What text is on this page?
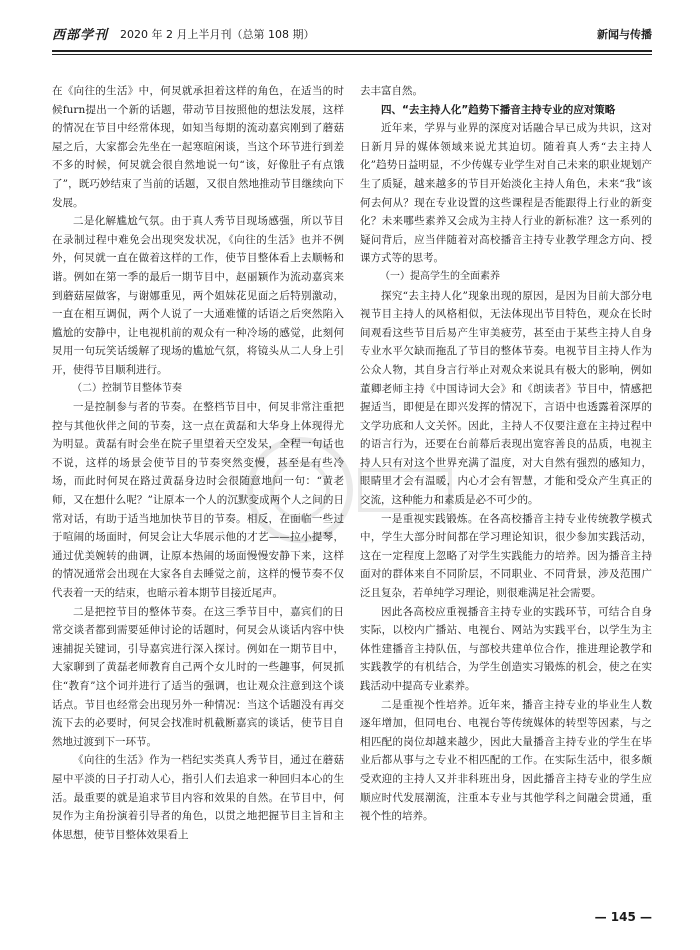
西部学刊 2020 年 2 月上半月刊（总第 108 期）	新闻与传播

在《向往的生活》中，何炅就承担着这样的角色，在适当的时候furn提出一个新的话题，带动节目按照他的想法发展，这样的情况在节目中经常体现，如知当每期的流动嘉宾刚到了蘑菇屋之后，大家都会先坐在一起寒暄闲谈，当这个环节进行到差不多的时候，何炅就会很自然地说一句“该，好像肚子有点饿了”，既巧妙结束了当前的话题，又很自然地推动节目继续向下发展。

二是化解尴尬气氛。由于真人秀节目现场感强，所以节目在录制过程中难免会出现突发状况，《向往的生活》也并不例外，何炅就一直在做着这样的工作，使节目整体看上去顺畅和谐。例如在第一季的最后一期节目中，赵丽颖作为流动嘉宾来到蘑菇屋做客，与谢娜重见，两个姐妹花见面之后特别激动，一直在相互调侃，两个人说了一大通难懂的话语之后突然陷入尴尬的安静中，让电视机前的观众有一种冷场的感觉，此刻何炅用一句玩笑话缓解了现场的尴尬气氛，将镜头从二人身上引开，使得节目顺利进行。

（二）控制节目整体节奏

一是控制参与者的节奏。在整档节目中，何炅非常注重把控与其他伙伴之间的节奏，这一点在黄磊和大华身上体现得尤为明显。黄磊有时会坐在院子里望着天空发呆，全程一句话也不说，这样的场景会使节目的节奏突然变慢，甚至是有些冷场，而此时何炅在路过黄磊身边时会很随意地问一句：“黄老师，又在想什么呢？”让原本一个人的沉默变成两个人之间的日常对话，有助于适当地加快节目的节奏。相反，在面临一些过于喧闹的场面时，何炅会让大华展示他的才艺——拉小提琴，通过优美婉转的曲调，让原本热闹的场面慢慢安静下来，这样的情况通常会出现在大家各自去睡觉之前，这样的慢节奏不仅代表着一天的结束，也暗示着本期节目接近尾声。

二是把控节目的整体节奏。在这三季节目中，嘉宾们的日常交谈者都到需要延伸讨论的话题时，何炅会从谈话内容中快速捕捉关键词，引导嘉宾进行深入探讨。例如在一期节目中，大家聊到了黄磊老师教育自己两个女儿时的一些趣事，何炅抓住“教育”这个词并进行了适当的强调，也让观众注意到这个谈话点。节目也经常会出现另外一种情况：当这个话题没有再交流下去的必要时，何炅会找准时机截断嘉宾的谈话，使节目自然地过渡到下一环节。

《向往的生活》作为一档纪实类真人秀节目，通过在蘑菇屋中平淡的日子打动人心，指引人们去追求一种回归本心的生活。最重要的就是追求节目内容和效果的自然。在节目中，何炅作为主角扮演着引导者的角色，以贯之地把握节目主旨和主体思想，使节目整体效果看上

去丰富自然。

四、“去主持人化”趋势下播音主持专业的应对策略

近年来，学界与业界的深度对话融合早已成为共识，这对日新月异的媒体领域来说尤其迫切。随着真人秀“去主持人化”趋势日益明显，不少传媒专业学生对自己未来的职业规划产生了质疑，越来越多的节目开始淡化主持人角色，未来“我”该何去何从？现在专业设置的这些课程是否能跟得上行业的新变化？未来哪些素养又会成为主持人行业的新标准？这一系列的疑问背后，应当伴随着对高校播音主持专业教学理念方向、授课方式等的思考。

（一）提高学生的全面素养

探究“去主持人化”现象出现的原因，是因为目前大部分电视节目主持人的风格相似，无法体现出节目特色，观众在长时间观看这些节目后易产生审美疲劳，甚至由于某些主持人自身专业水平欠缺而拖乱了节目的整体节奏。电视节目主持人作为公众人物，其自身言行举止对观众来说具有极大的影响，例如董卿老师主持《中国诗词大会》和《朗读者》节目中，情感把握适当，即便是在即兴发挥的情况下，言语中也透露着深厚的文学功底和人文关怀。因此，主持人不仅要注意在主持过程中的语言行为，还要在台前幕后表现出宽容善良的品质，电视主持人只有对这个世界充满了温度，对大自然有强烈的感知力，眼睛里才会有温暖，内心才会有智慧，才能和受众产生真正的交流，这种能力和素质是必不可少的。

一是重视实践锻炼。在各高校播音主持专业传统教学模式中，学生大部分时间都在学习理论知识，很少参加实践活动，这在一定程度上忽略了对学生实践能力的培养。因为播音主持面对的群体来自不同阶层，不同职业、不同背景，涉及范围广泛且复杂，若单纯学习理论，则很难满足社会需要。

因此各高校应重视播音主持专业的实践环节，可结合自身实际，以校内广播站、电视台、网站为实践平台，以学生为主体性建播音主持队伍，与部校共建单位合作，推进理论教学和实践教学的有机结合，为学生创造实习锻炼的机会，使之在实践活动中提高专业素养。

二是重视个性培养。近年来，播音主持专业的毕业生人数逐年增加，但同电台、电视台等传统媒体的转型等因素，与之相匹配的岗位却越来越少，因此大量播音主持专业的学生在毕业后都从事与之专业不相匹配的工作。在实际生活中，很多颇受欢迎的主持人又并非科班出身，因此播音主持专业的学生应顺应时代发展潮流，注重本专业与其他学科之间融会贯通，重视个性的培养。

— 145 —
